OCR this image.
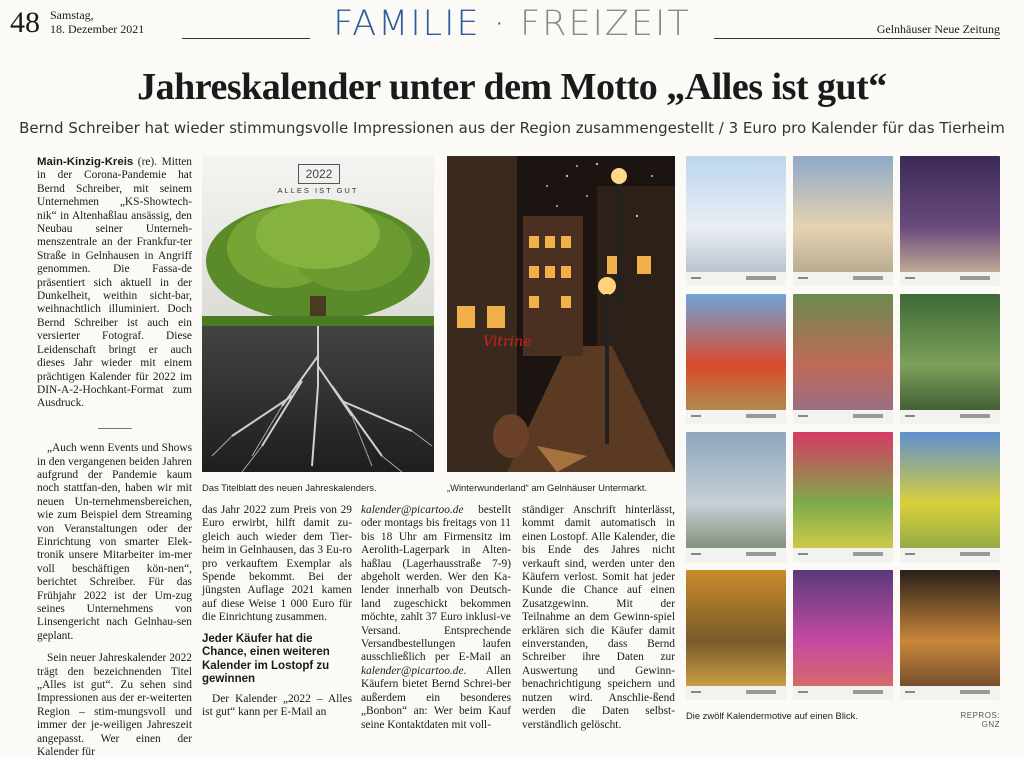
48 Samstag,
18. Dezember 2021	FAMILIE · FREIZEIT	Gelnhäuser Neue Zeitung
Jahreskalender unter dem Motto „Alles ist gut“
Bernd Schreiber hat wieder stimmungsvolle Impressionen aus der Region zusammengestellt / 3 Euro pro Kalender für das Tierheim

Main-Kinzig-Kreis (re). Mitten in der Corona-Pandemie hat Bernd Schreiber, mit seinem Unternehmen „KS-Showtech-nik“ in Altenhaßlau ansässig, den Neubau seiner Unterneh-menszentrale an der Frankfur-ter Straße in Gelnhausen in Angriff genommen. Die Fassa-de präsentiert sich aktuell in der Dunkelheit, weithin sicht-bar, weihnachtlich illuminiert. Doch Bernd Schreiber ist auch ein versierter Fotograf. Diese Leidenschaft bringt er auch dieses Jahr wieder mit einem prächtigen Kalender für 2022 im DIN-A-2-Hochkant-Format zum Ausdruck.

„Auch wenn Events und Shows in den vergangenen beiden Jahren aufgrund der Pandemie kaum noch stattfan-den, haben wir mit neuen Un-ternehmensbereichen, wie zum Beispiel dem Streaming von Veranstaltungen oder der Einrichtung von smarter Elek-tronik unsere Mitarbeiter im-mer voll beschäftigen kön-nen“, berichtet Schreiber. Für das Frühjahr 2022 ist der Um-zug seines Unternehmens von Linsengericht nach Gelnhau-sen geplant.

Sein neuer Jahreskalender 2022 trägt den bezeichnenden Titel „Alles ist gut“. Zu sehen sind Impressionen aus der er-weiterten Region – stim-mungsvoll und immer der je-weiligen Jahreszeit angepasst. Wer einen der Kalender für

2022
ALLES IST GUT
Das Titelblatt des neuen Jahreskalenders.
Vitrine
„Winterwunderland“ am Gelnhäuser Untermarkt.

das Jahr 2022 zum Preis von 29 Euro erwirbt, hilft damit zu-gleich auch wieder dem Tier-heim in Gelnhausen, das 3 Eu-ro pro verkauftem Exemplar als Spende bekommt. Bei der jüngsten Auflage 2021 kamen auf diese Weise 1 000 Euro für die Einrichtung zusammen.

Jeder Käufer hat die Chance, einen weiteren Kalender im Lostopf zu gewinnen

Der Kalender „2022 – Alles ist gut“ kann per E-Mail an

kalender@picartoo.de bestellt oder montags bis freitags von 11 bis 18 Uhr am Firmensitz im Aerolith-Lagerpark in Alten-haßlau (Lagerhausstraße 7-9) abgeholt werden. Wer den Ka-lender innerhalb von Deutsch-land zugeschickt bekommen möchte, zahlt 37 Euro inklusi-ve Versand. Entsprechende Versandbestellungen laufen ausschließlich per E-Mail an kalender@picartoo.de. Allen Käufern bietet Bernd Schrei-ber außerdem ein besonderes „Bonbon“ an: Wer beim Kauf seine Kontaktdaten mit voll-

ständiger Anschrift hinterlässt, kommt damit automatisch in einen Lostopf. Alle Kalender, die bis Ende des Jahres nicht verkauft sind, werden unter den Käufern verlost. Somit hat jeder Kunde die Chance auf einen Zusatzgewinn. Mit der Teilnahme an dem Gewinn-spiel erklären sich die Käufer damit einverstanden, dass Bernd Schreiber ihre Daten zur Auswertung und Gewinn-benachrichtigung speichern und nutzen wird. Anschlie-ßend werden die Daten selbst-verständlich gelöscht.

Die zwölf Kalendermotive auf einen Blick.	REPROS: GNZ
